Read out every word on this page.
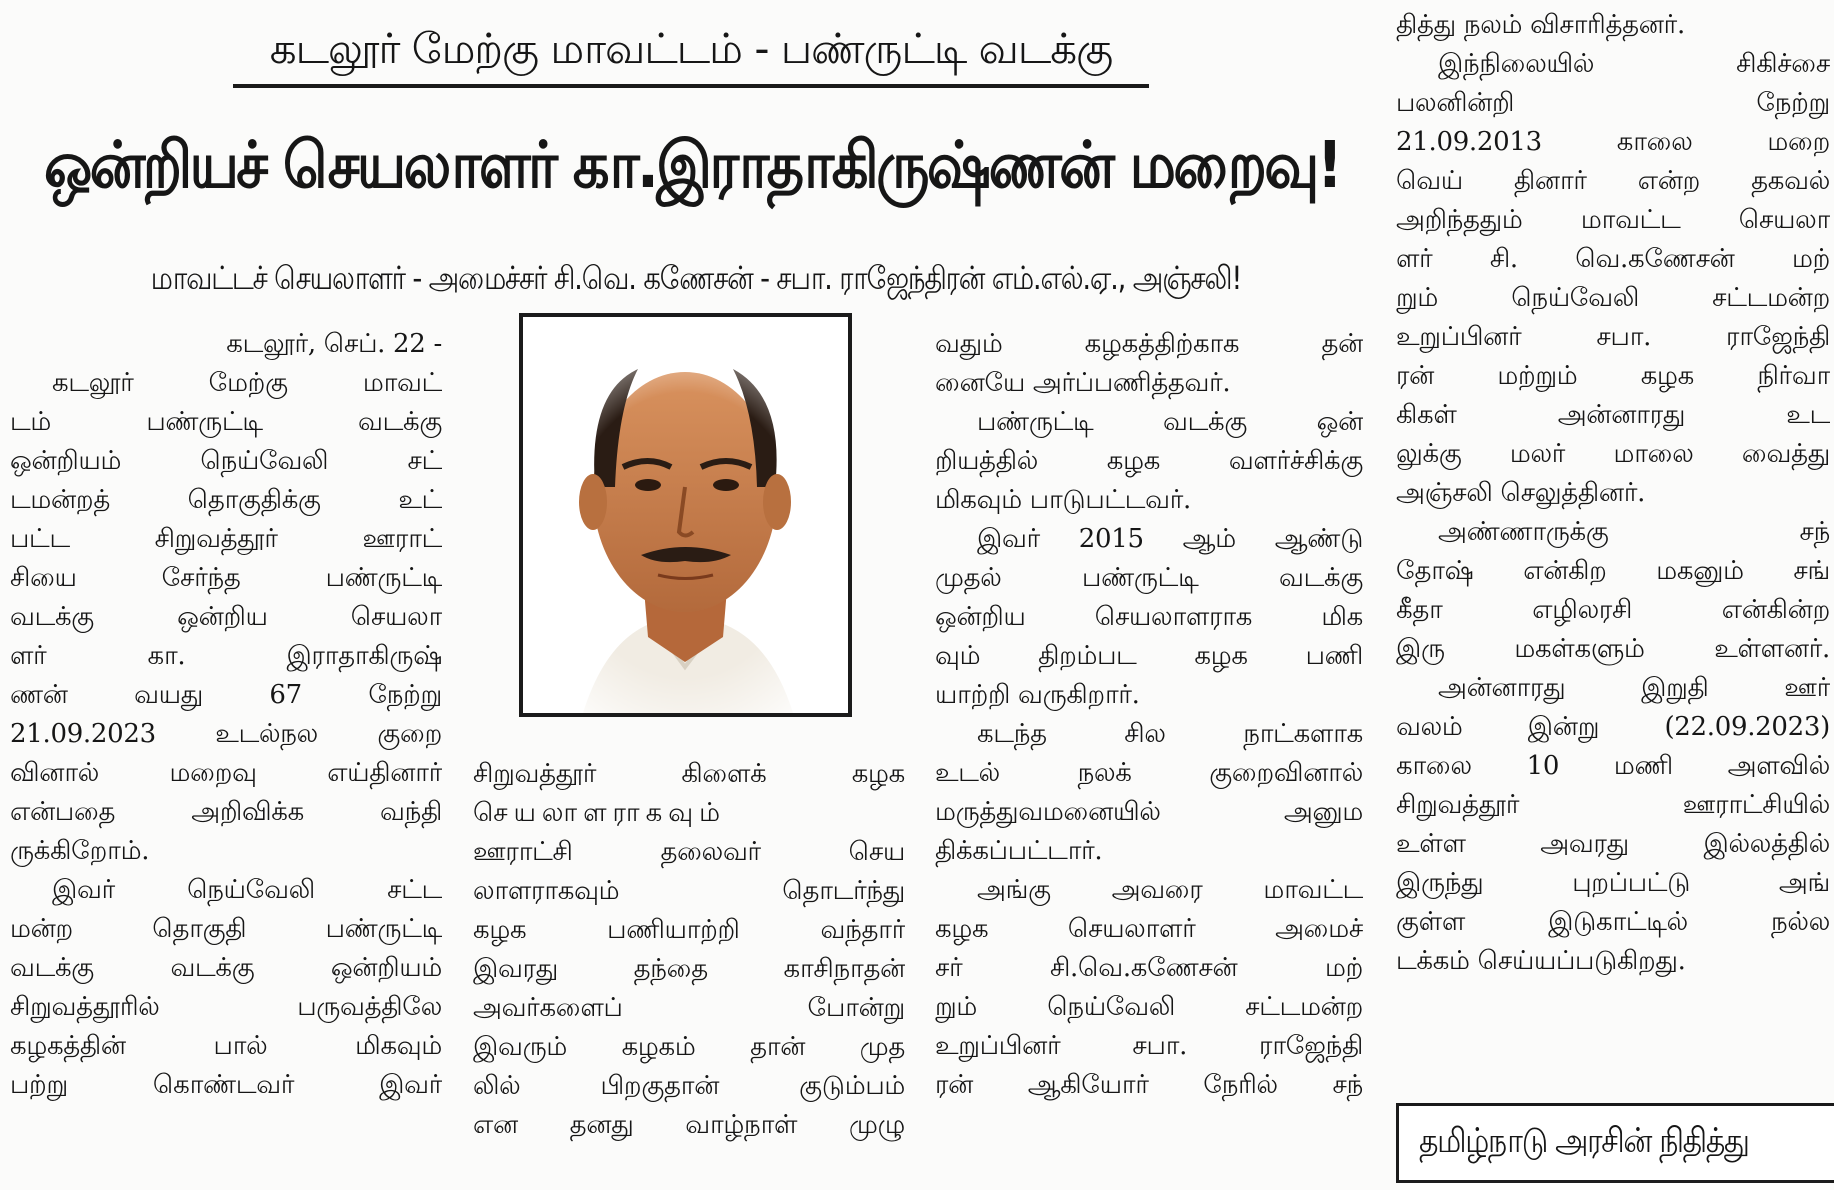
கடலூர் மேற்கு மாவட்டம் - பண்ருட்டி வடக்கு
ஒன்றியச் செயலாளர் கா.இராதாகிருஷ்ணன் மறைவு!
மாவட்டச் செயலாளர் - அமைச்சர் சி.வெ. கணேசன் - சபா. ராஜேந்திரன் எம்.எல்.ஏ., அஞ்சலி!
கடலூர், செப். 22 -
கடலூர் மேற்கு மாவட்
டம் பண்ருட்டி வடக்கு
ஒன்றியம் நெய்வேலி சட்
டமன்றத் தொகுதிக்கு உட்
பட்ட சிறுவத்தூர் ஊராட்
சியை சேர்ந்த பண்ருட்டி
வடக்கு ஒன்றிய செயலா
ளர் கா. இராதாகிருஷ்
ணன் வயது 67 நேற்று
21.09.2023 உடல்நல குறை
வினால் மறைவு எய்தினார்
என்பதை அறிவிக்க வந்தி
ருக்கிறோம்.
இவர் நெய்வேலி சட்ட
மன்ற தொகுதி பண்ருட்டி
வடக்கு வடக்கு ஒன்றியம்
சிறுவத்தூரில் பருவத்திலே
கழகத்தின் பால் மிகவும்
பற்று கொண்டவர் இவர்
சிறுவத்தூர் கிளைக் கழக
செயலாளராகவும்
ஊராட்சி தலைவர் செய
லாளராகவும் தொடர்ந்து
கழக பணியாற்றி வந்தார்
இவரது தந்தை காசிநாதன்
அவர்களைப் போன்று
இவரும் கழகம் தான் முத
லில் பிறகுதான் குடும்பம்
என தனது வாழ்நாள் முழு
வதும் கழகத்திற்காக தன்
னையே அர்ப்பணித்தவர்.
பண்ருட்டி வடக்கு ஒன்
றியத்தில் கழக வளர்ச்சிக்கு
மிகவும் பாடுபட்டவர்.
இவர் 2015 ஆம் ஆண்டு
முதல் பண்ருட்டி வடக்கு
ஒன்றிய செயலாளராக மிக
வும் திறம்பட கழக பணி
யாற்றி வருகிறார்.
கடந்த சில நாட்களாக
உடல் நலக் குறைவினால்
மருத்துவமனையில் அனும
திக்கப்பட்டார்.
அங்கு அவரை மாவட்ட
கழக செயலாளர் அமைச்
சர் சி.வெ.கணேசன் மற்
றும் நெய்வேலி சட்டமன்ற
உறுப்பினர் சபா. ராஜேந்தி
ரன் ஆகியோர் நேரில் சந்
தித்து நலம் விசாரித்தனர்.
இந்நிலையில் சிகிச்சை
பலனின்றி நேற்று
21.09.2013 காலை மறை
வெய் தினார் என்ற தகவல்
அறிந்ததும் மாவட்ட செயலா
ளர் சி. வெ.கணேசன் மற்
றும் நெய்வேலி சட்டமன்ற
உறுப்பினர் சபா. ராஜேந்தி
ரன் மற்றும் கழக நிர்வா
கிகள் அன்னாரது உட
லுக்கு மலர் மாலை வைத்து
அஞ்சலி செலுத்தினர்.
அண்ணாருக்கு சந்
தோஷ் என்கிற மகனும் சங்
கீதா எழிலரசி என்கின்ற
இரு மகள்களும் உள்ளனர்.
அன்னாரது இறுதி ஊர்
வலம் இன்று (22.09.2023)
காலை 10 மணி அளவில்
சிறுவத்தூர் ஊராட்சியில்
உள்ள அவரது இல்லத்தில்
இருந்து புறப்பட்டு அங்
குள்ள இடுகாட்டில் நல்ல
டக்கம் செய்யப்படுகிறது.
தமிழ்நாடு அரசின் நிதித்து
